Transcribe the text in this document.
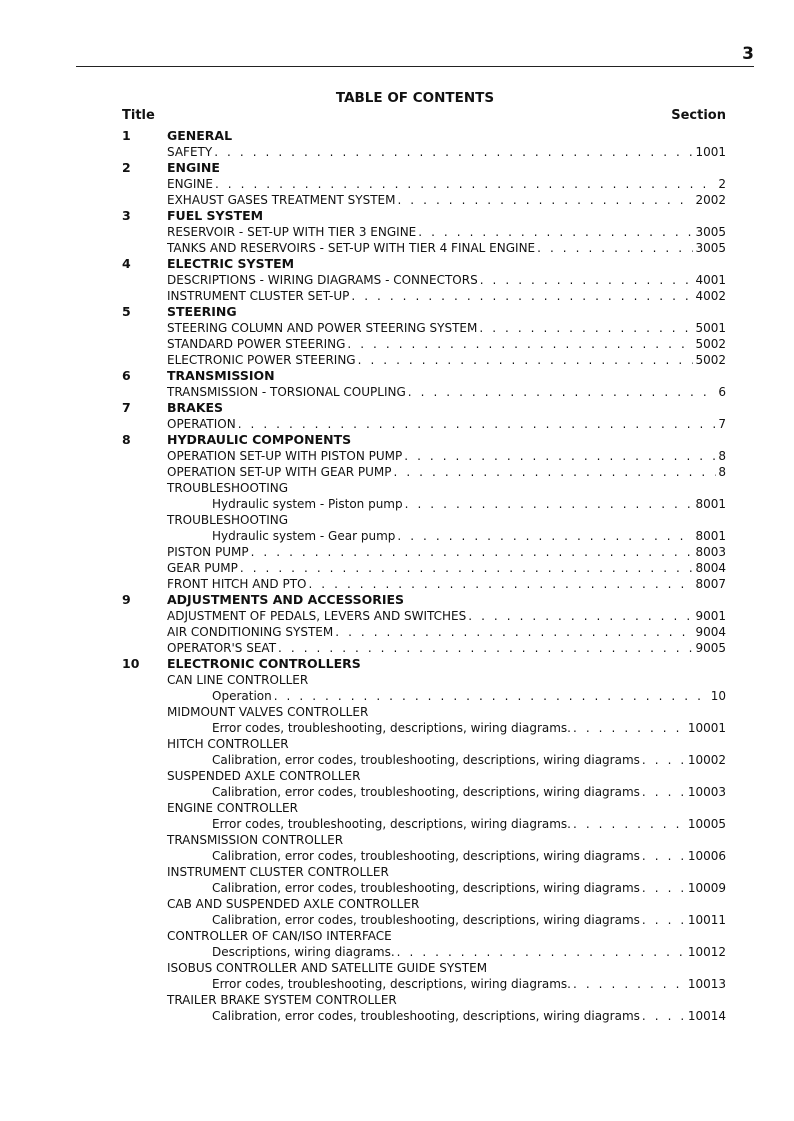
3
TABLE OF CONTENTS
Title	Section
1	GENERAL
SAFETY . . .	1001
2	ENGINE
ENGINE . . .	2
EXHAUST GASES TREATMENT SYSTEM . . .	2002
3	FUEL SYSTEM
RESERVOIR - SET-UP WITH TIER 3 ENGINE . . .	3005
TANKS AND RESERVOIRS - SET-UP WITH TIER 4 FINAL ENGINE . . .	3005
4	ELECTRIC SYSTEM
DESCRIPTIONS - WIRING DIAGRAMS - CONNECTORS . . .	4001
INSTRUMENT CLUSTER SET-UP . . .	4002
5	STEERING
STEERING COLUMN AND POWER STEERING SYSTEM . . .	5001
STANDARD POWER STEERING . . .	5002
ELECTRONIC POWER STEERING . . .	5002
6	TRANSMISSION
TRANSMISSION - TORSIONAL COUPLING . . .	6
7	BRAKES
OPERATION . . .	7
8	HYDRAULIC COMPONENTS
OPERATION SET-UP WITH PISTON PUMP . . .	8
OPERATION SET-UP WITH GEAR PUMP . . .	8
TROUBLESHOOTING
Hydraulic system - Piston pump . . .	8001
TROUBLESHOOTING
Hydraulic system - Gear pump . . .	8001
PISTON PUMP . . .	8003
GEAR PUMP . . .	8004
FRONT HITCH AND PTO . . .	8007
9	ADJUSTMENTS AND ACCESSORIES
ADJUSTMENT OF PEDALS, LEVERS AND SWITCHES . . .	9001
AIR CONDITIONING SYSTEM . . .	9004
OPERATOR'S SEAT . . .	9005
10 ELECTRONIC CONTROLLERS
CAN LINE CONTROLLER
Operation . . .	10
MIDMOUNT VALVES CONTROLLER
Error codes, troubleshooting, descriptions, wiring diagrams. . . .	10001
HITCH CONTROLLER
Calibration, error codes, troubleshooting, descriptions, wiring diagrams . . .	10002
SUSPENDED AXLE CONTROLLER
Calibration, error codes, troubleshooting, descriptions, wiring diagrams . . .	10003
ENGINE CONTROLLER
Error codes, troubleshooting, descriptions, wiring diagrams. . . .	10005
TRANSMISSION CONTROLLER
Calibration, error codes, troubleshooting, descriptions, wiring diagrams . . .	10006
INSTRUMENT CLUSTER CONTROLLER
Calibration, error codes, troubleshooting, descriptions, wiring diagrams . . .	10009
CAB AND SUSPENDED AXLE CONTROLLER
Calibration, error codes, troubleshooting, descriptions, wiring diagrams . . .	10011
CONTROLLER OF CAN/ISO INTERFACE
Descriptions, wiring diagrams. . . .	10012
ISOBUS CONTROLLER AND SATELLITE GUIDE SYSTEM
Error codes, troubleshooting, descriptions, wiring diagrams. . . .	10013
TRAILER BRAKE SYSTEM CONTROLLER
Calibration, error codes, troubleshooting, descriptions, wiring diagrams . . .	10014
